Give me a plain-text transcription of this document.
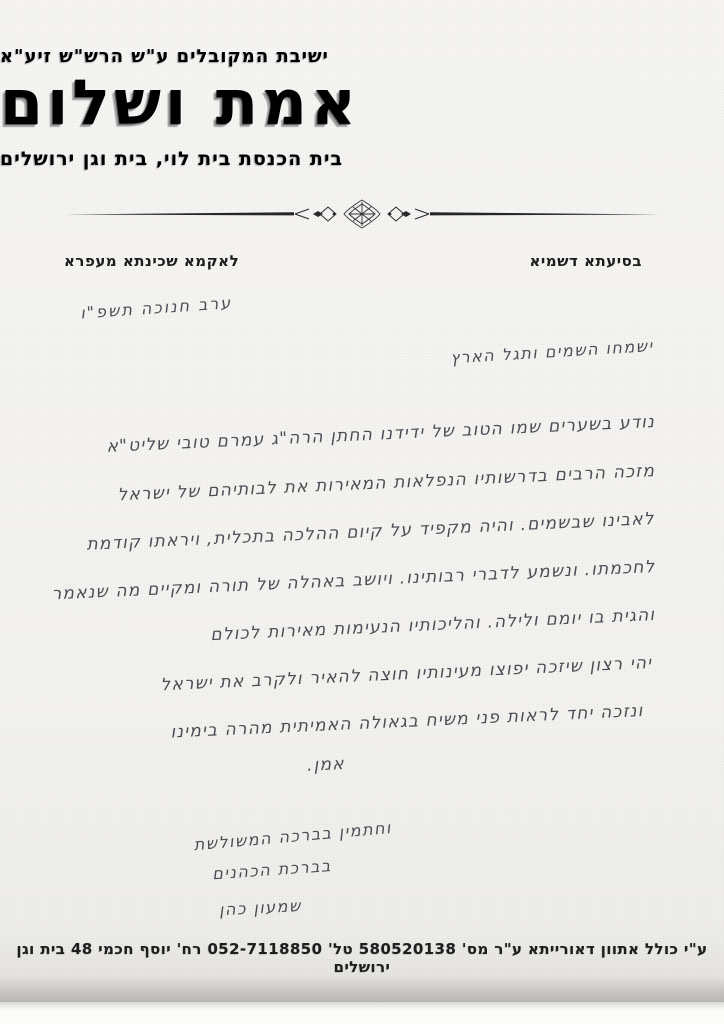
ישיבת המקובלים ע"ש הרש"ש זיע"א
אמת ושלום
בית הכנסת בית לוי, בית וגן ירושלים
בסיעתא דשמיא
לאקמא שכינתא מעפרא
ערב חנוכה תשפ"ו
ישמחו השמים ותגל הארץ
נודע בשערים שמו הטוב של ידידנו החתן הרה"ג עמרם טובי שליט"א
מזכה הרבים בדרשותיו הנפלאות המאירות את לבותיהם של ישראל
לאבינו שבשמים. והיה מקפיד על קיום ההלכה בתכלית, ויראתו קודמת
לחכמתו. ונשמע לדברי רבותינו. ויושב באהלה של תורה ומקיים מה שנאמר
והגית בו יומם ולילה. והליכותיו הנעימות מאירות לכולם
יהי רצון שיזכה יפוצו מעינותיו חוצה להאיר ולקרב את ישראל
ונזכה יחד לראות פני משיח בגאולה האמיתית מהרה בימינו
אמן.
וחתמין בברכה המשולשת
בברכת הכהנים
שמעון כהן
ע"י כולל אתוון דאורייתא ע"ר מס' 580520138 טל' ‎052-7118850‎ רח' יוסף חכמי 48 בית וגן ירושלים
